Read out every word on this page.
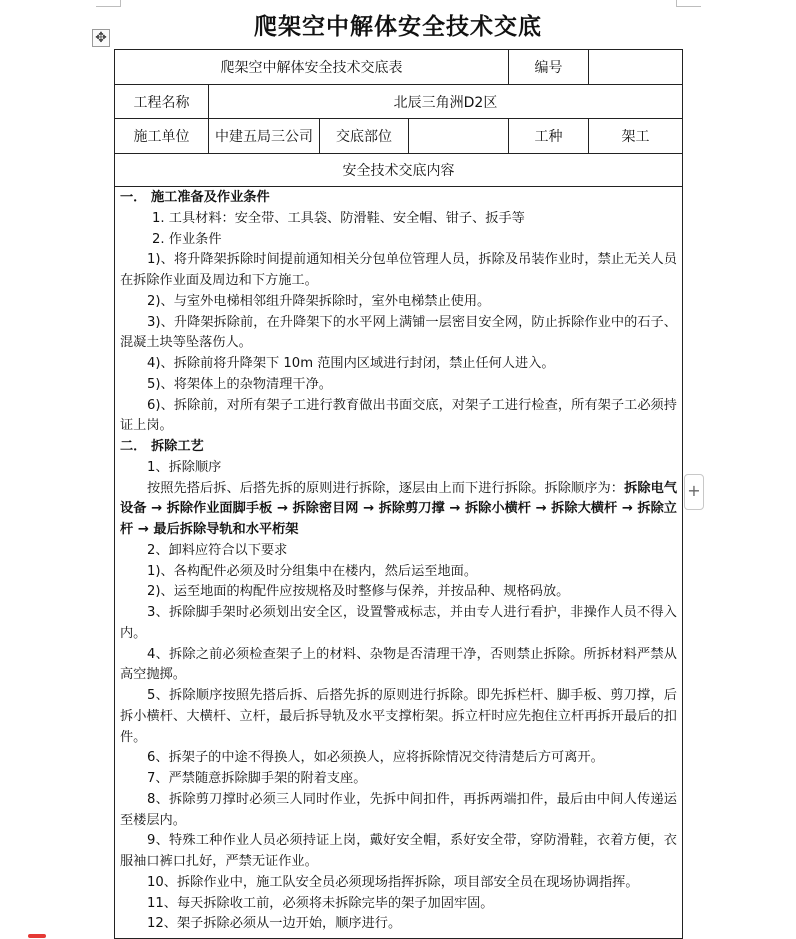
✥	爬架空中解体安全技术交底
爬架空中解体安全技术交底表				编号	
工程名称	北辰三角洲D2区				
施工单位	中建五局三公司	交底部位		工种	架工
安全技术交底内容					

一． 施工准备及作业条件

1. 工具材料：安全带、工具袋、防滑鞋、安全帽、钳子、扳手等

2. 作业条件

1)、将升降架拆除时间提前通知相关分包单位管理人员，拆除及吊装作业时，禁止无关人员在拆除作业面及周边和下方施工。

2)、与室外电梯相邻组升降架拆除时，室外电梯禁止使用。

3)、升降架拆除前，在升降架下的水平网上满铺一层密目安全网，防止拆除作业中的石子、混凝土块等坠落伤人。

4)、拆除前将升降架下 10m 范围内区域进行封闭，禁止任何人进入。

5)、将架体上的杂物清理干净。

6)、拆除前，对所有架子工进行教育做出书面交底，对架子工进行检查，所有架子工必须持证上岗。

二． 拆除工艺

1、拆除顺序

按照先搭后拆、后搭先拆的原则进行拆除，逐层由上而下进行拆除。拆除顺序为：拆除电气设备 → 拆除作业面脚手板 → 拆除密目网 → 拆除剪刀撑 → 拆除小横杆 → 拆除大横杆 → 拆除立杆 → 最后拆除导轨和水平桁架

2、卸料应符合以下要求

1)、各构配件必须及时分组集中在楼内，然后运至地面。

2)、运至地面的构配件应按规格及时整修与保养，并按品种、规格码放。

3、拆除脚手架时必须划出安全区，设置警戒标志，并由专人进行看护，非操作人员不得入内。

4、拆除之前必须检查架子上的材料、杂物是否清理干净，否则禁止拆除。所拆材料严禁从高空抛掷。

5、拆除顺序按照先搭后拆、后搭先拆的原则进行拆除。即先拆栏杆、脚手板、剪刀撑，后拆小横杆、大横杆、立杆，最后拆导轨及水平支撑桁架。拆立杆时应先抱住立杆再拆开最后的扣件。

6、拆架子的中途不得换人，如必须换人，应将拆除情况交待清楚后方可离开。

7、严禁随意拆除脚手架的附着支座。

8、拆除剪刀撑时必须三人同时作业，先拆中间扣件，再拆两端扣件，最后由中间人传递运至楼层内。

9、特殊工种作业人员必须持证上岗，戴好安全帽，系好安全带，穿防滑鞋，衣着方便，衣服袖口裤口扎好，严禁无证作业。

10、拆除作业中，施工队安全员必须现场指挥拆除，项目部安全员在现场协调指挥。

11、每天拆除收工前，必须将未拆除完毕的架子加固牢固。

12、架子拆除必须从一边开始，顺序进行。

+
